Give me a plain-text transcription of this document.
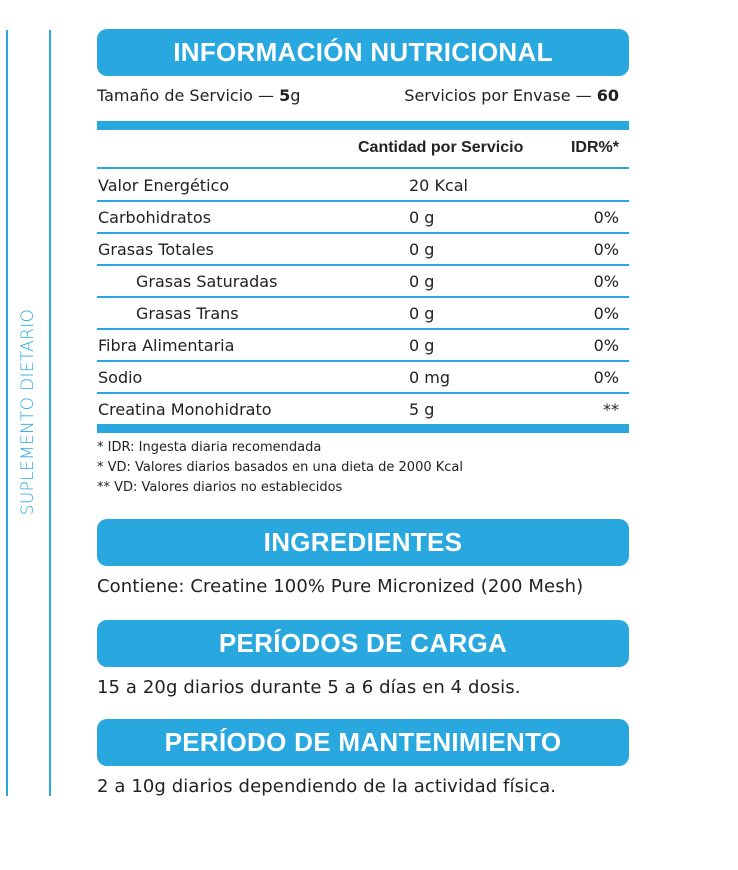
SUPLEMENTO DIETARIO
INFORMACIÓN NUTRICIONAL
Tamaño de Servicio — 5g	Servicios por Envase — 60
Cantidad por Servicio	IDR%*
Valor Energético	20 Kcal
Carbohidratos	0 g	0%
Grasas Totales	0 g	0%
Grasas Saturadas	0 g	0%
Grasas Trans	0 g	0%
Fibra Alimentaria	0 g	0%
Sodio	0 mg	0%
Creatina Monohidrato	5 g	**
* IDR: Ingesta diaria recomendada
* VD: Valores diarios basados en una dieta de 2000 Kcal
** VD: Valores diarios no establecidos
INGREDIENTES
Contiene: Creatine 100% Pure Micronized (200 Mesh)
PERÍODOS DE CARGA
15 a 20g diarios durante 5 a 6 días en 4 dosis.
PERÍODO DE MANTENIMIENTO
2 a 10g diarios dependiendo de la actividad física.
